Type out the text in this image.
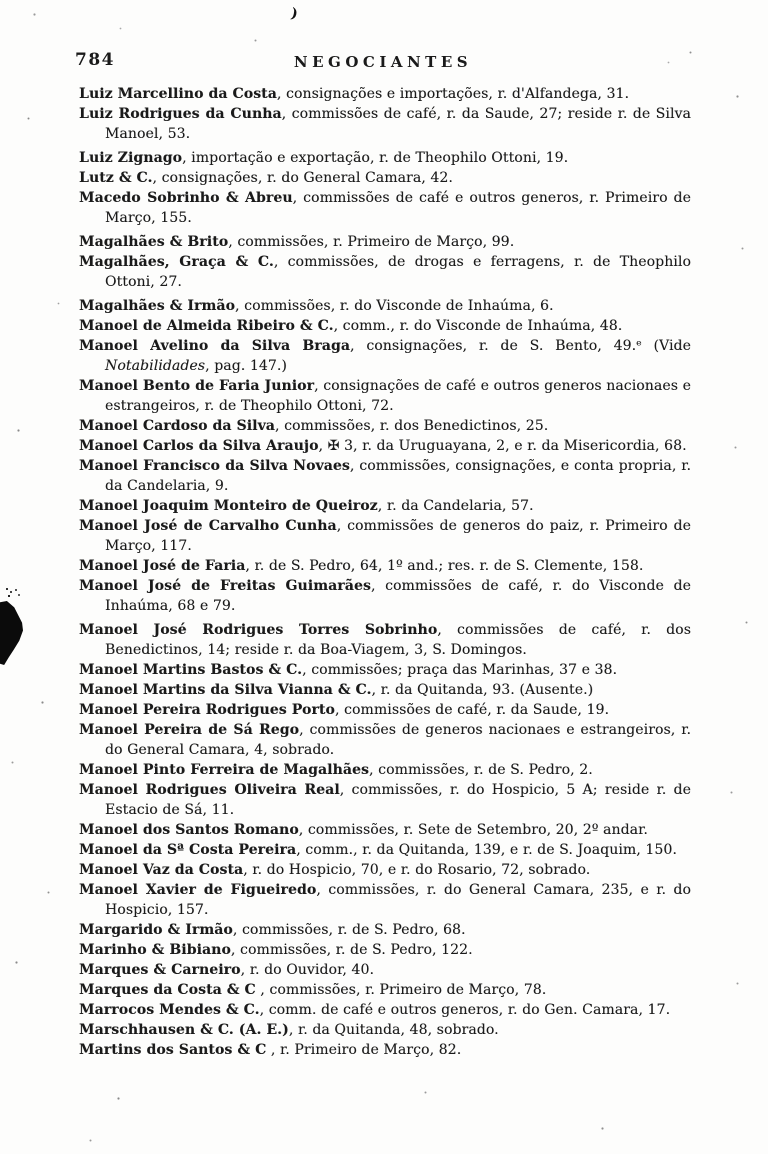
)
784	NEGOCIANTES

Luiz Marcellino da Costa, consignações e importações, r. d'Alfandega, 31.

Luiz Rodrigues da Cunha, commissões de café, r. da Saude, 27; reside r. de Silva Manoel, 53.

Luiz Zignago, importação e exportação, r. de Theophilo Ottoni, 19.

Lutz & C., consignações, r. do General Camara, 42.

Macedo Sobrinho & Abreu, commissões de café e outros generos, r. Primeiro de Março, 155.

Magalhães & Brito, commissões, r. Primeiro de Março, 99.

Magalhães, Graça & C., commissões, de drogas e ferragens, r. de Theophilo Ottoni, 27.

Magalhães & Irmão, commissões, r. do Visconde de Inhaúma, 6.

Manoel de Almeida Ribeiro & C., comm., r. do Visconde de Inhaúma, 48.

Manoel Avelino da Silva Braga, consignações, r. de S. Bento, 49.ᵉ (Vide Notabilidades, pag. 147.)

Manoel Bento de Faria Junior, consignações de café e outros generos nacionaes e estrangeiros, r. de Theophilo Ottoni, 72.

Manoel Cardoso da Silva, commissões, r. dos Benedictinos, 25.

Manoel Carlos da Silva Araujo, ✠ 3, r. da Uruguayana, 2, e r. da Misericordia, 68.

Manoel Francisco da Silva Novaes, commissões, consignações, e conta propria, r. da Candelaria, 9.

Manoel Joaquim Monteiro de Queiroz, r. da Candelaria, 57.

Manoel José de Carvalho Cunha, commissões de generos do paiz, r. Primeiro de Março, 117.

Manoel José de Faria, r. de S. Pedro, 64, 1º and.; res. r. de S. Clemente, 158.

Manoel José de Freitas Guimarães, commissões de café, r. do Visconde de Inhaúma, 68 e 79.

Manoel José Rodrigues Torres Sobrinho, commissões de café, r. dos Benedictinos, 14; reside r. da Boa-Viagem, 3, S. Domingos.

Manoel Martins Bastos & C., commissões; praça das Marinhas, 37 e 38.

Manoel Martins da Silva Vianna & C., r. da Quitanda, 93. (Ausente.)

Manoel Pereira Rodrigues Porto, commissões de café, r. da Saude, 19.

Manoel Pereira de Sá Rego, commissões de generos nacionaes e estrangeiros, r. do General Camara, 4, sobrado.

Manoel Pinto Ferreira de Magalhães, commissões, r. de S. Pedro, 2.

Manoel Rodrigues Oliveira Real, commissões, r. do Hospicio, 5 A; reside r. de Estacio de Sá, 11.

Manoel dos Santos Romano, commissões, r. Sete de Setembro, 20, 2º andar.

Manoel da Sª Costa Pereira, comm., r. da Quitanda, 139, e r. de S. Joaquim, 150.

Manoel Vaz da Costa, r. do Hospicio, 70, e r. do Rosario, 72, sobrado.

Manoel Xavier de Figueiredo, commissões, r. do General Camara, 235, e r. do Hospicio, 157.

Margarido & Irmão, commissões, r. de S. Pedro, 68.

Marinho & Bibiano, commissões, r. de S. Pedro, 122.

Marques & Carneiro, r. do Ouvidor, 40.

Marques da Costa & C , commissões, r. Primeiro de Março, 78.

Marrocos Mendes & C., comm. de café e outros generos, r. do Gen. Camara, 17.

Marschhausen & C. (A. E.), r. da Quitanda, 48, sobrado.

Martins dos Santos & C , r. Primeiro de Março, 82.
